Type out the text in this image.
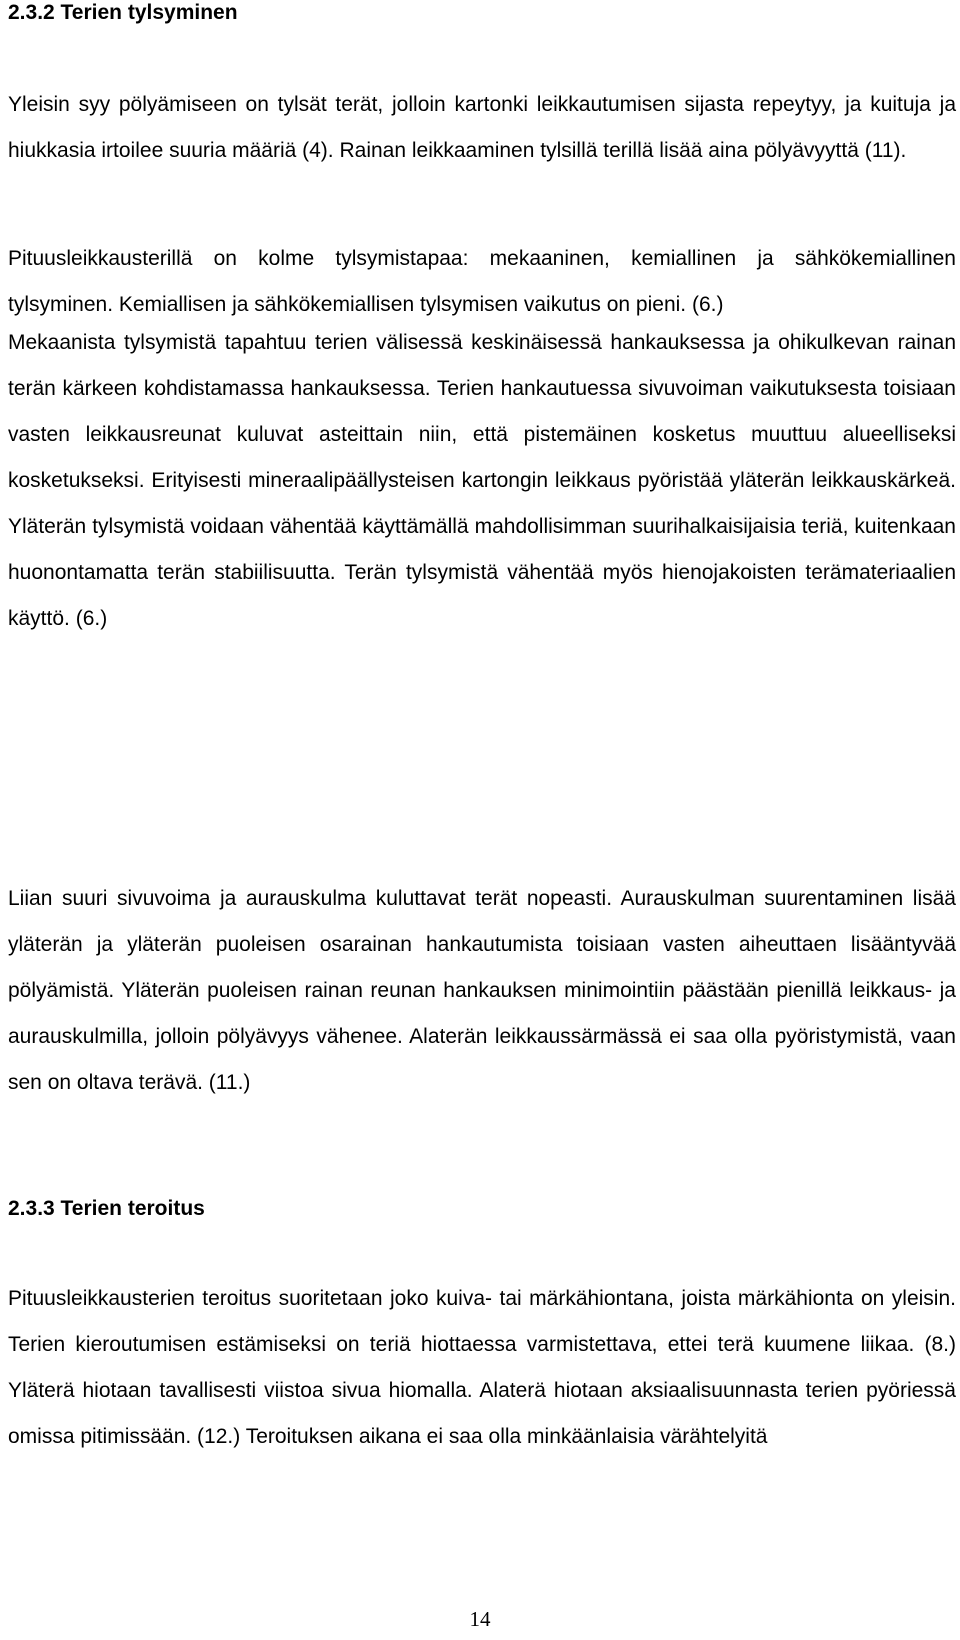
2.3.2 Terien tylsyminen

Yleisin syy pölyämiseen on tylsät terät, jolloin kartonki leikkautumisen sijasta repeytyy, ja kuituja ja hiukkasia irtoilee suuria määriä (4). Rainan leikkaaminen tylsillä terillä lisää aina pölyävyyttä (11).

Pituusleikkausterillä on kolme tylsymistapaa: mekaaninen, kemiallinen ja sähkökemiallinen tylsyminen. Kemiallisen ja sähkökemiallisen tylsymisen vaikutus on pieni. (6.)

Mekaanista tylsymistä tapahtuu terien välisessä keskinäisessä hankauksessa ja ohikulkevan rainan terän kärkeen kohdistamassa hankauksessa. Terien hankautuessa sivuvoiman vaikutuksesta toisiaan vasten leikkausreunat kuluvat asteittain niin, että pistemäinen kosketus muuttuu alueelliseksi kosketukseksi. Erityisesti mineraalipäällysteisen kartongin leikkaus pyöristää yläterän leikkauskärkeä. Yläterän tylsymistä voidaan vähentää käyttämällä mahdollisimman suurihalkaisijaisia teriä, kuitenkaan huonontamatta terän stabiilisuutta. Terän tylsymistä vähentää myös hienojakoisten terämateriaalien käyttö. (6.)

Liian suuri sivuvoima ja aurauskulma kuluttavat terät nopeasti. Aurauskulman suurentaminen lisää yläterän ja yläterän puoleisen osarainan hankautumista toisiaan vasten aiheuttaen lisääntyvää pölyämistä. Yläterän puoleisen rainan reunan hankauksen minimointiin päästään pienillä leikkaus- ja aurauskulmilla, jolloin pölyävyys vähenee. Alaterän leikkaussärmässä ei saa olla pyöristymistä, vaan sen on oltava terävä. (11.)

2.3.3 Terien teroitus

Pituusleikkausterien teroitus suoritetaan joko kuiva- tai märkähiontana, joista märkähionta on yleisin. Terien kieroutumisen estämiseksi on teriä hiottaessa varmistettava, ettei terä kuumene liikaa. (8.) Yläterä hiotaan tavallisesti viistoa sivua hiomalla. Alaterä hiotaan aksiaalisuunnasta terien pyöriessä omissa pitimissään. (12.) Teroituksen aikana ei saa olla minkäänlaisia värähtelyitä

14
